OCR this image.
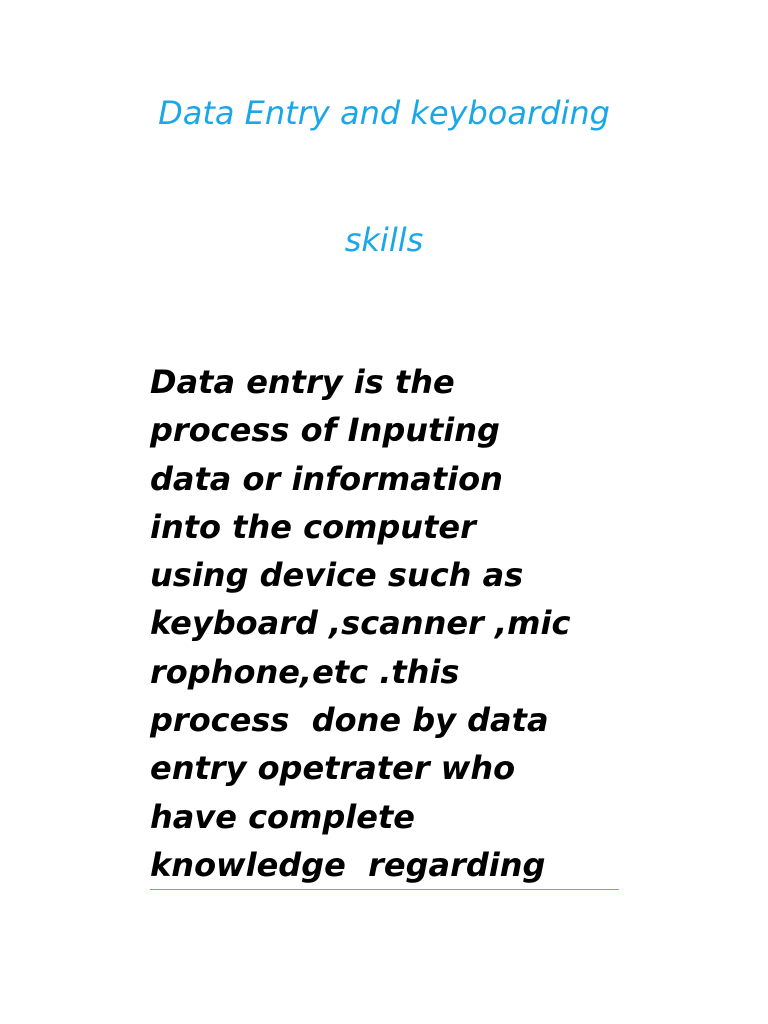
Data Entry and keyboarding
skills
Data entry is the
process of Inputing
data or information
into the computer
using device such as
keyboard ,scanner ,mic
rophone,etc .this
process  done by data
entry opetrater who
have complete
knowledge  regarding
